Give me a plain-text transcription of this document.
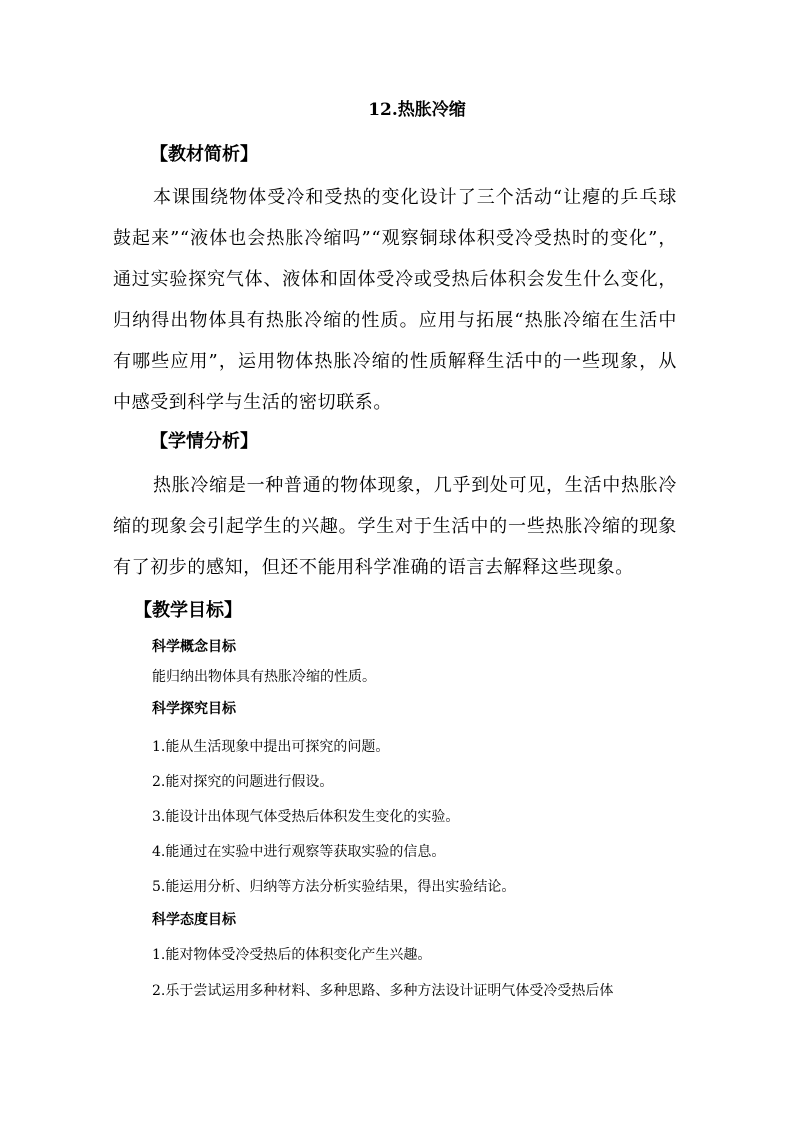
12.热胀冷缩
【教材简析】

本课围绕物体受冷和受热的变化设计了三个活动“让瘪的乒乓球鼓起来”“液体也会热胀冷缩吗”“观察铜球体积受冷受热时的变化”，通过实验探究气体、液体和固体受冷或受热后体积会发生什么变化，归纳得出物体具有热胀冷缩的性质。应用与拓展“热胀冷缩在生活中有哪些应用”，运用物体热胀冷缩的性质解释生活中的一些现象，从中感受到科学与生活的密切联系。

【学情分析】

热胀冷缩是一种普通的物体现象，几乎到处可见，生活中热胀冷缩的现象会引起学生的兴趣。学生对于生活中的一些热胀冷缩的现象有了初步的感知，但还不能用科学准确的语言去解释这些现象。

【教学目标】
科学概念目标
能归纳出物体具有热胀冷缩的性质。
科学探究目标
1.能从生活现象中提出可探究的问题。
2.能对探究的问题进行假设。
3.能设计出体现气体受热后体积发生变化的实验。
4.能通过在实验中进行观察等获取实验的信息。
5.能运用分析、归纳等方法分析实验结果，得出实验结论。
科学态度目标
1.能对物体受冷受热后的体积变化产生兴趣。
2.乐于尝试运用多种材料、多种思路、多种方法设计证明气体受冷受热后体
